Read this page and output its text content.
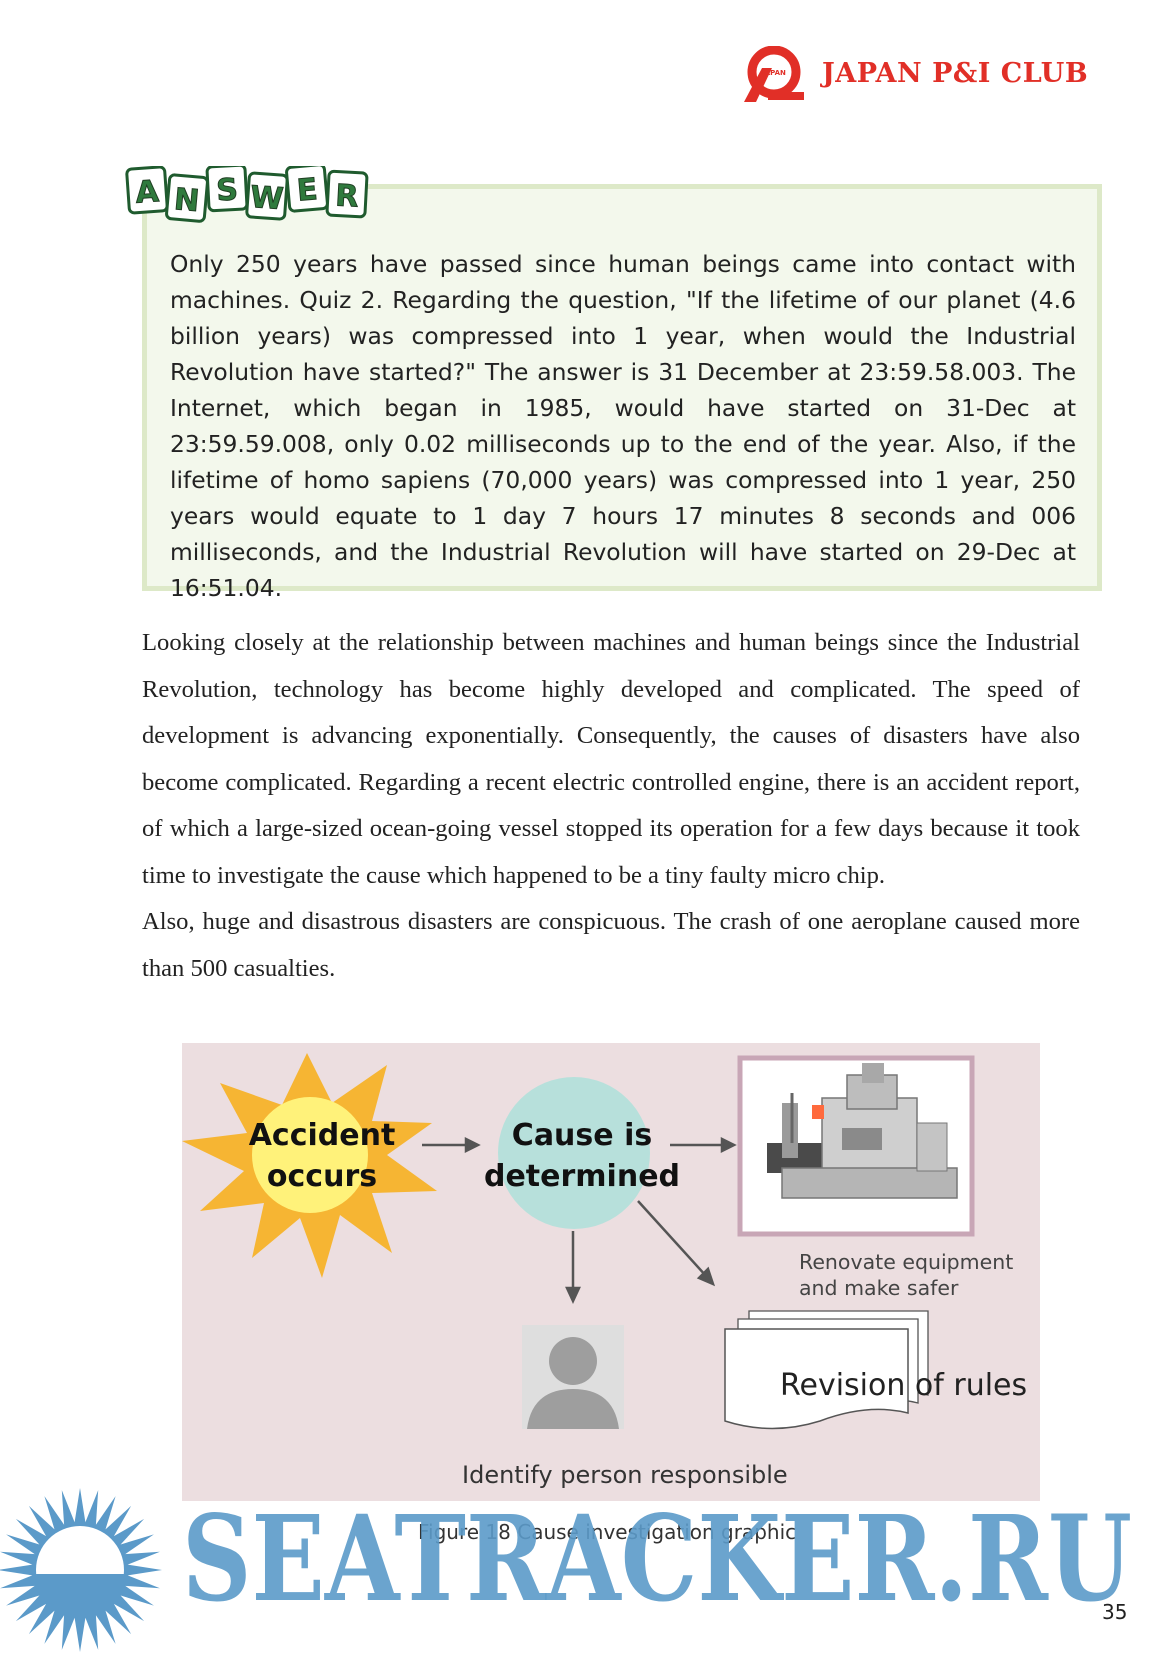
JAPAN JAPAN P&I CLUB
A N S W E R
Only 250 years have passed since human beings came into contact with machines. Quiz 2. Regarding the question, "If the lifetime of our planet (4.6 billion years) was compressed into 1 year, when would the Industrial Revolution have started?" The answer is 31 December at 23:59.58.003. The Internet, which began in 1985, would have started on 31-Dec at 23:59.59.008, only 0.02 milliseconds up to the end of the year. Also, if the lifetime of homo sapiens (70,000 years) was compressed into 1 year, 250 years would equate to 1 day 7 hours 17 minutes 8 seconds and 006 milliseconds, and the Industrial Revolution will have started on 29-Dec at 16:51.04.

Looking closely at the relationship between machines and human beings since the Industrial Revolution, technology has become highly developed and complicated. The speed of development is advancing exponentially. Consequently, the causes of disasters have also become complicated. Regarding a recent electric controlled engine, there is an accident report, of which a large-sized ocean-going vessel stopped its operation for a few days because it took time to investigate the cause which happened to be a tiny faulty micro chip.

Also, huge and disastrous disasters are conspicuous. The crash of one aeroplane caused more than 500 casualties.

Accident
occurs
Cause is
determined
Renovate equipment and make safer
Revision of rules
Identify person responsible
Figure 18 Cause investigation graphic
SEATRACKER.RU
35
